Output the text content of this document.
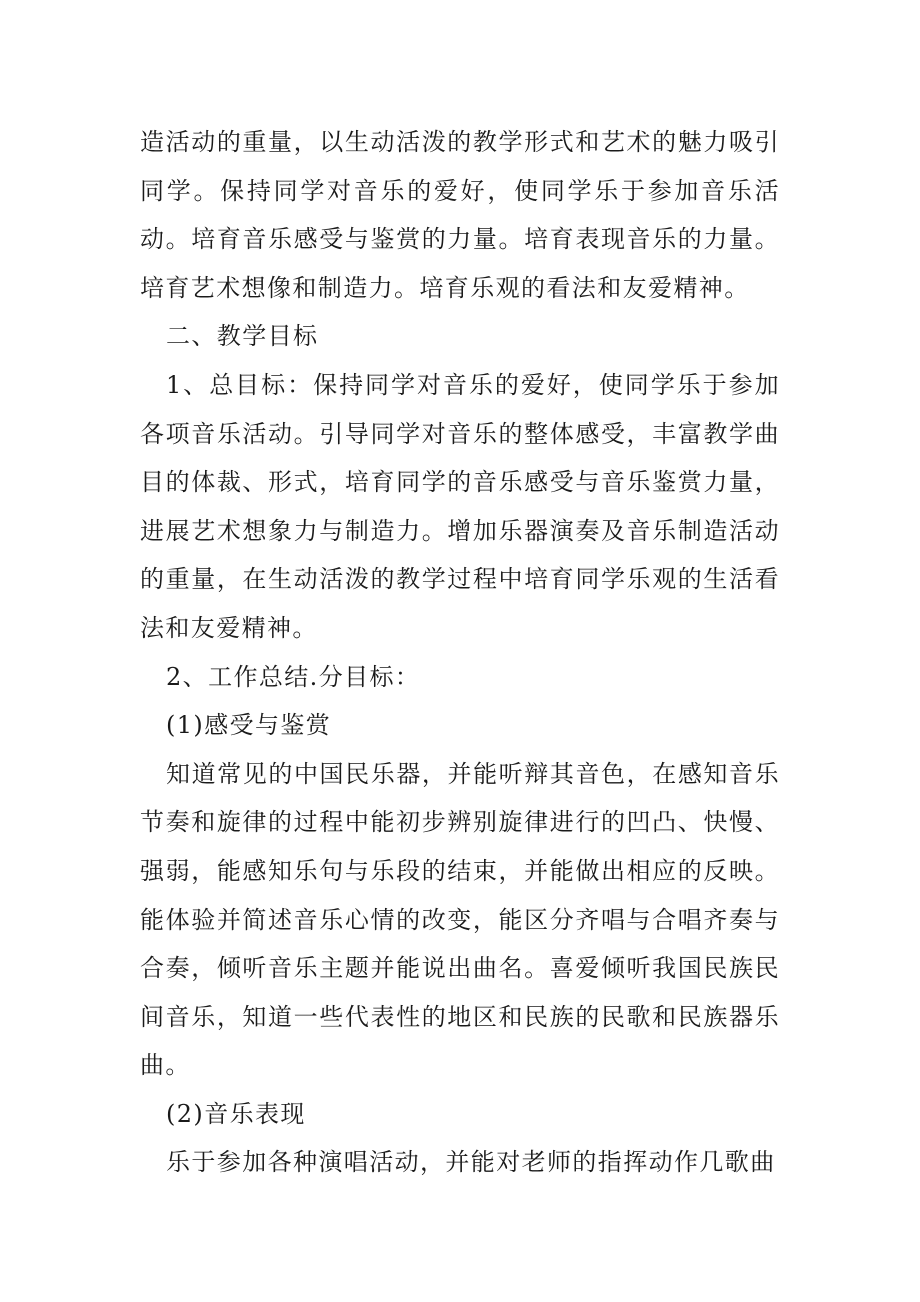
造活动的重量，以生动活泼的教学形式和艺术的魅力吸引同学。保持同学对音乐的爱好，使同学乐于参加音乐活动。培育音乐感受与鉴赏的力量。培育表现音乐的力量。培育艺术想像和制造力。培育乐观的看法和友爱精神。

二、教学目标

1、总目标：保持同学对音乐的爱好，使同学乐于参加各项音乐活动。引导同学对音乐的整体感受，丰富教学曲目的体裁、形式，培育同学的音乐感受与音乐鉴赏力量，进展艺术想象力与制造力。增加乐器演奏及音乐制造活动的重量，在生动活泼的教学过程中培育同学乐观的生活看法和友爱精神。

2、工作总结.分目标：

(1)感受与鉴赏

知道常见的中国民乐器，并能听辩其音色，在感知音乐节奏和旋律的过程中能初步辨别旋律进行的凹凸、快慢、强弱，能感知乐句与乐段的结束，并能做出相应的反映。能体验并简述音乐心情的改变，能区分齐唱与合唱齐奏与合奏，倾听音乐主题并能说出曲名。喜爱倾听我国民族民间音乐，知道一些代表性的地区和民族的民歌和民族器乐曲。

(2)音乐表现

乐于参加各种演唱活动，并能对老师的指挥动作几歌曲
